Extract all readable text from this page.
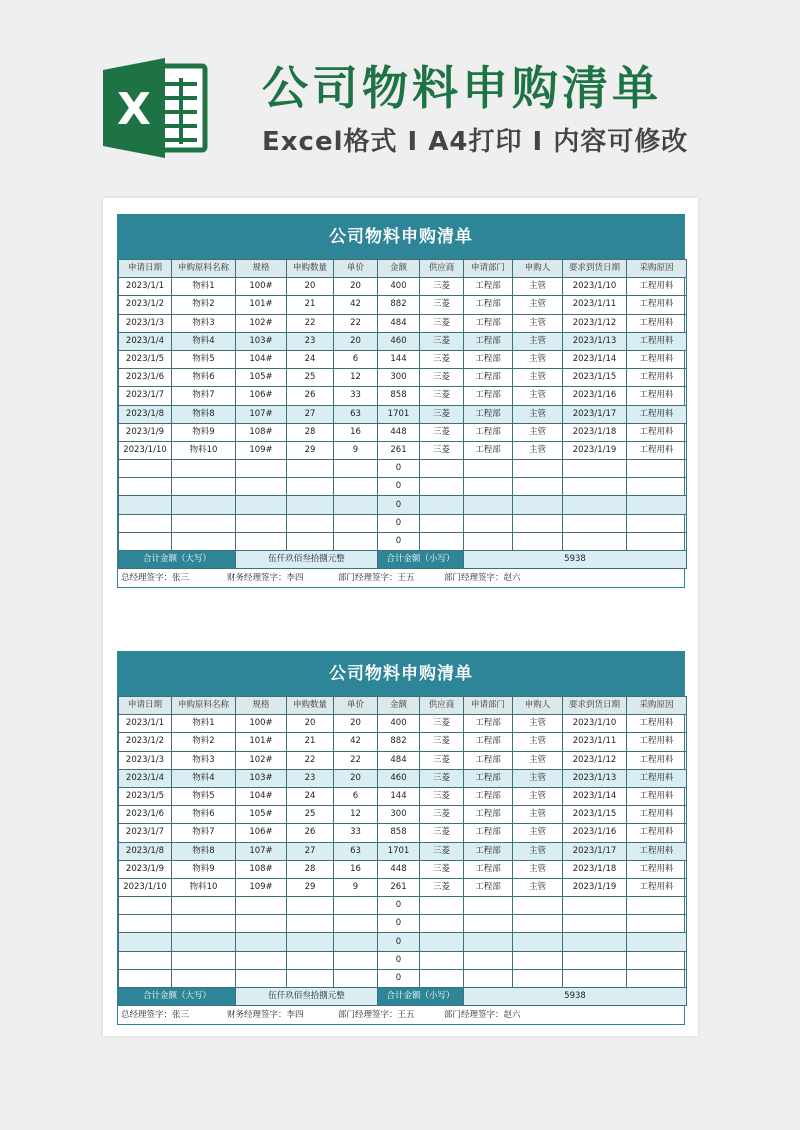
X 公司物料申购清单
Excel格式 I A4打印 I 内容可修改
公司物料申购清单
申请日期	申购原料名称	规格	申购数量	单价	金额	供应商	申请部门	申购人	要求到货日期	采购原因
2023/1/1	物料1	100#	20	20	400	三菱	工程部	主管	2023/1/10	工程用料
2023/1/2	物料2	101#	21	42	882	三菱	工程部	主管	2023/1/11	工程用料
2023/1/3	物料3	102#	22	22	484	三菱	工程部	主管	2023/1/12	工程用料
2023/1/4	物料4	103#	23	20	460	三菱	工程部	主管	2023/1/13	工程用料
2023/1/5	物料5	104#	24	6	144	三菱	工程部	主管	2023/1/14	工程用料
2023/1/6	物料6	105#	25	12	300	三菱	工程部	主管	2023/1/15	工程用料
2023/1/7	物料7	106#	26	33	858	三菱	工程部	主管	2023/1/16	工程用料
2023/1/8	物料8	107#	27	63	1701	三菱	工程部	主管	2023/1/17	工程用料
2023/1/9	物料9	108#	28	16	448	三菱	工程部	主管	2023/1/18	工程用料
2023/1/10	物料10	109#	29	9	261	三菱	工程部	主管	2023/1/19	工程用料
					0					
					0					
					0					
					0					
					0					
合计金额（大写）		伍仟玖佰叁拾捌元整			合计金额（小写）		5938			
总经理签字：张三	财务经理签字：李四	部门经理签字：王五	部门经理签字：赵六
公司物料申购清单
申请日期	申购原料名称	规格	申购数量	单价	金额	供应商	申请部门	申购人	要求到货日期	采购原因
2023/1/1	物料1	100#	20	20	400	三菱	工程部	主管	2023/1/10	工程用料
2023/1/2	物料2	101#	21	42	882	三菱	工程部	主管	2023/1/11	工程用料
2023/1/3	物料3	102#	22	22	484	三菱	工程部	主管	2023/1/12	工程用料
2023/1/4	物料4	103#	23	20	460	三菱	工程部	主管	2023/1/13	工程用料
2023/1/5	物料5	104#	24	6	144	三菱	工程部	主管	2023/1/14	工程用料
2023/1/6	物料6	105#	25	12	300	三菱	工程部	主管	2023/1/15	工程用料
2023/1/7	物料7	106#	26	33	858	三菱	工程部	主管	2023/1/16	工程用料
2023/1/8	物料8	107#	27	63	1701	三菱	工程部	主管	2023/1/17	工程用料
2023/1/9	物料9	108#	28	16	448	三菱	工程部	主管	2023/1/18	工程用料
2023/1/10	物料10	109#	29	9	261	三菱	工程部	主管	2023/1/19	工程用料
					0					
					0					
					0					
					0					
					0					
合计金额（大写）		伍仟玖佰叁拾捌元整			合计金额（小写）		5938			
总经理签字：张三	财务经理签字：李四	部门经理签字：王五	部门经理签字：赵六
